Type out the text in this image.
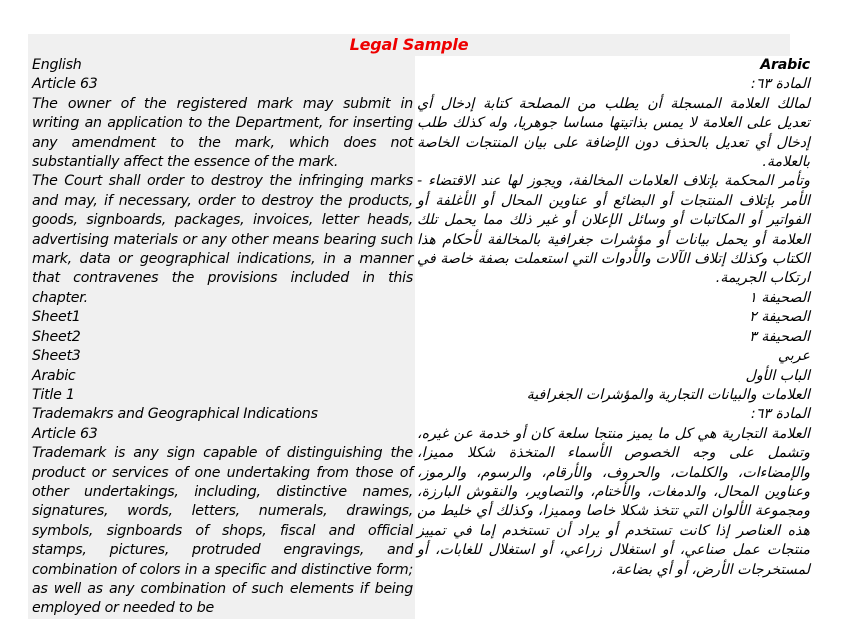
Legal Sample
English
Article 63

The owner of the registered mark may submit in writing an application to the Department, for inserting any amendment to the mark, which does not substantially affect the essence of the mark.

The Court shall order to destroy the infringing marks and may, if necessary, order to destroy the products, goods, signboards, packages, invoices, letter heads, advertising materials or any other means bearing such mark, data or geographical indications, in a manner that contravenes the provisions included in this chapter.

Sheet1
Sheet2
Sheet3
Arabic
Title 1
Trademakrs and Geographical Indications
Article 63

Trademark is any sign capable of distinguishing the product or services of one undertaking from those of other undertakings, including, distinctive names, signatures, words, letters, numerals, drawings, symbols, signboards of shops, fiscal and official stamps, pictures, protruded engravings, and combination of colors in a specific and distinctive form; as well as any combination of such elements if being employed or needed to be

Arabic
المادة ٦٣:

لمالك العلامة المسجلة أن يطلب من المصلحة كتابة إدخال أي تعديل على العلامة لا يمس بذاتيتها مساسا جوهريا، وله كذلك طلب إدخال أي تعديل بالحذف دون الإضافة على بيان المنتجات الخاصة بالعلامة.

وتأمر المحكمة بإتلاف العلامات المخالفة، ويجوز لها عند الاقتضاء - الأمر بإتلاف المنتجات أو البضائع أو عناوين المحال أو الأغلفة أو الفواتير أو المكاتبات أو وسائل الإعلان أو غير ذلك مما يحمل تلك العلامة أو يحمل بيانات أو مؤشرات جغرافية بالمخالفة لأحكام هذا الكتاب وكذلك إتلاف الآلات والأدوات التي استعملت بصفة خاصة في ارتكاب الجريمة.

الصحيفة ١
الصحيفة ٢
الصحيفة ٣
عربي
الباب الأول
العلامات والبيانات التجارية والمؤشرات الجغرافية
المادة ٦٣:

العلامة التجارية هي كل ما يميز منتجا سلعة كان أو خدمة عن غيره، وتشمل على وجه الخصوص الأسماء المتخذة شكلا مميزا، والإمضاءات، والكلمات، والحروف، والأرقام، والرسوم، والرموز، وعناوين المحال، والدمغات، والأختام، والتصاوير، والنقوش البارزة، ومجموعة الألوان التي تتخذ شكلا خاصا ومميزا، وكذلك أي خليط من هذه العناصر إذا كانت تستخدم أو يراد أن تستخدم إما في تمييز منتجات عمل صناعي، أو استغلال زراعي، أو استغلال للغابات، أو لمستخرجات الأرض، أو أي بضاعة،
